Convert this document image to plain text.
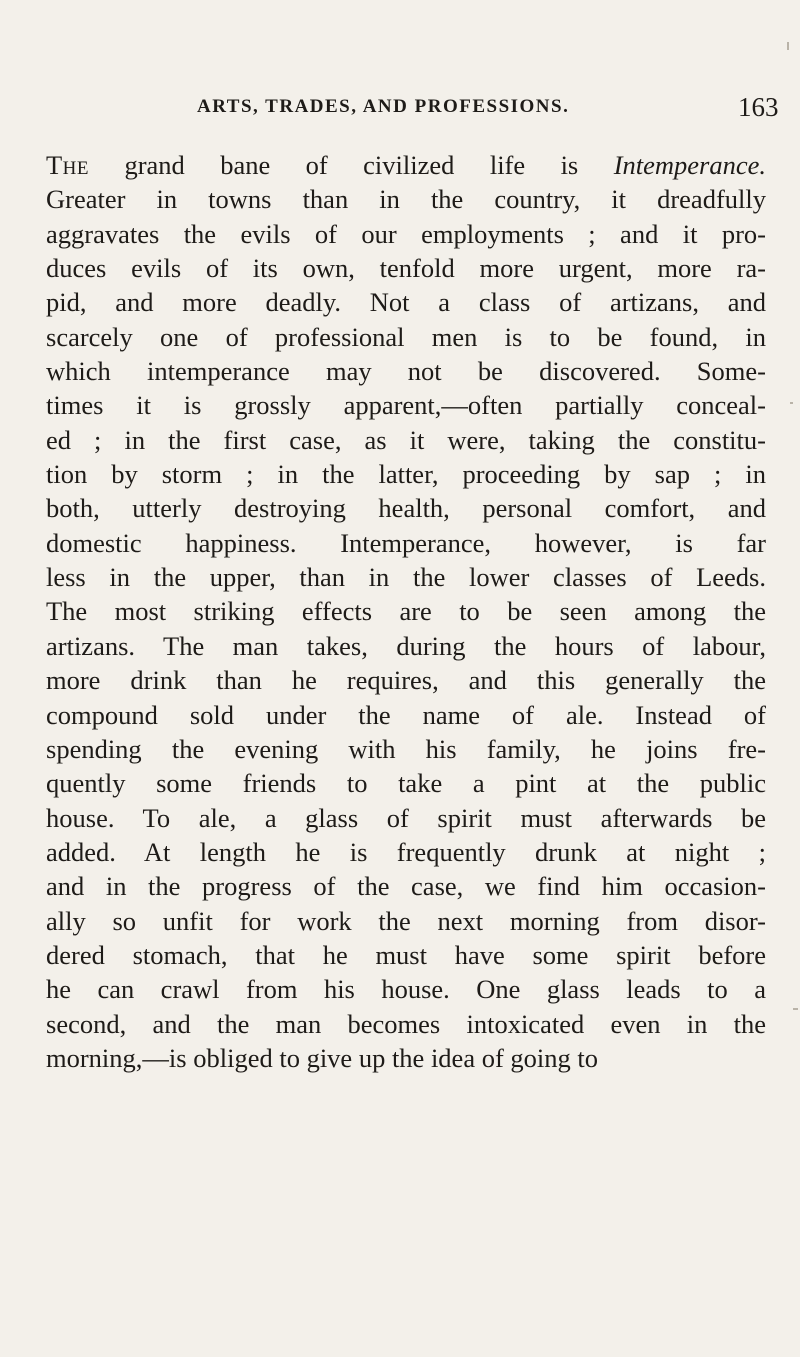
ARTS, TRADES, AND PROFESSIONS.	163
The grand bane of civilized life is Intemperance.
Greater in towns than in the country, it dreadfully
aggravates the evils of our employments ; and it pro-
duces evils of its own, tenfold more urgent, more ra-
pid, and more deadly. Not a class of artizans, and
scarcely one of professional men is to be found, in
which intemperance may not be discovered. Some-
times it is grossly apparent,—often partially conceal-
ed ; in the first case, as it were, taking the constitu-
tion by storm ; in the latter, proceeding by sap ; in
both, utterly destroying health, personal comfort, and
domestic happiness. Intemperance, however, is far
less in the upper, than in the lower classes of Leeds.
The most striking effects are to be seen among the
artizans. The man takes, during the hours of labour,
more drink than he requires, and this generally the
compound sold under the name of ale. Instead of
spending the evening with his family, he joins fre-
quently some friends to take a pint at the public
house. To ale, a glass of spirit must afterwards be
added. At length he is frequently drunk at night ;
and in the progress of the case, we find him occasion-
ally so unfit for work the next morning from disor-
dered stomach, that he must have some spirit before
he can crawl from his house. One glass leads to a
second, and the man becomes intoxicated even in the
morning,—is obliged to give up the idea of going to
